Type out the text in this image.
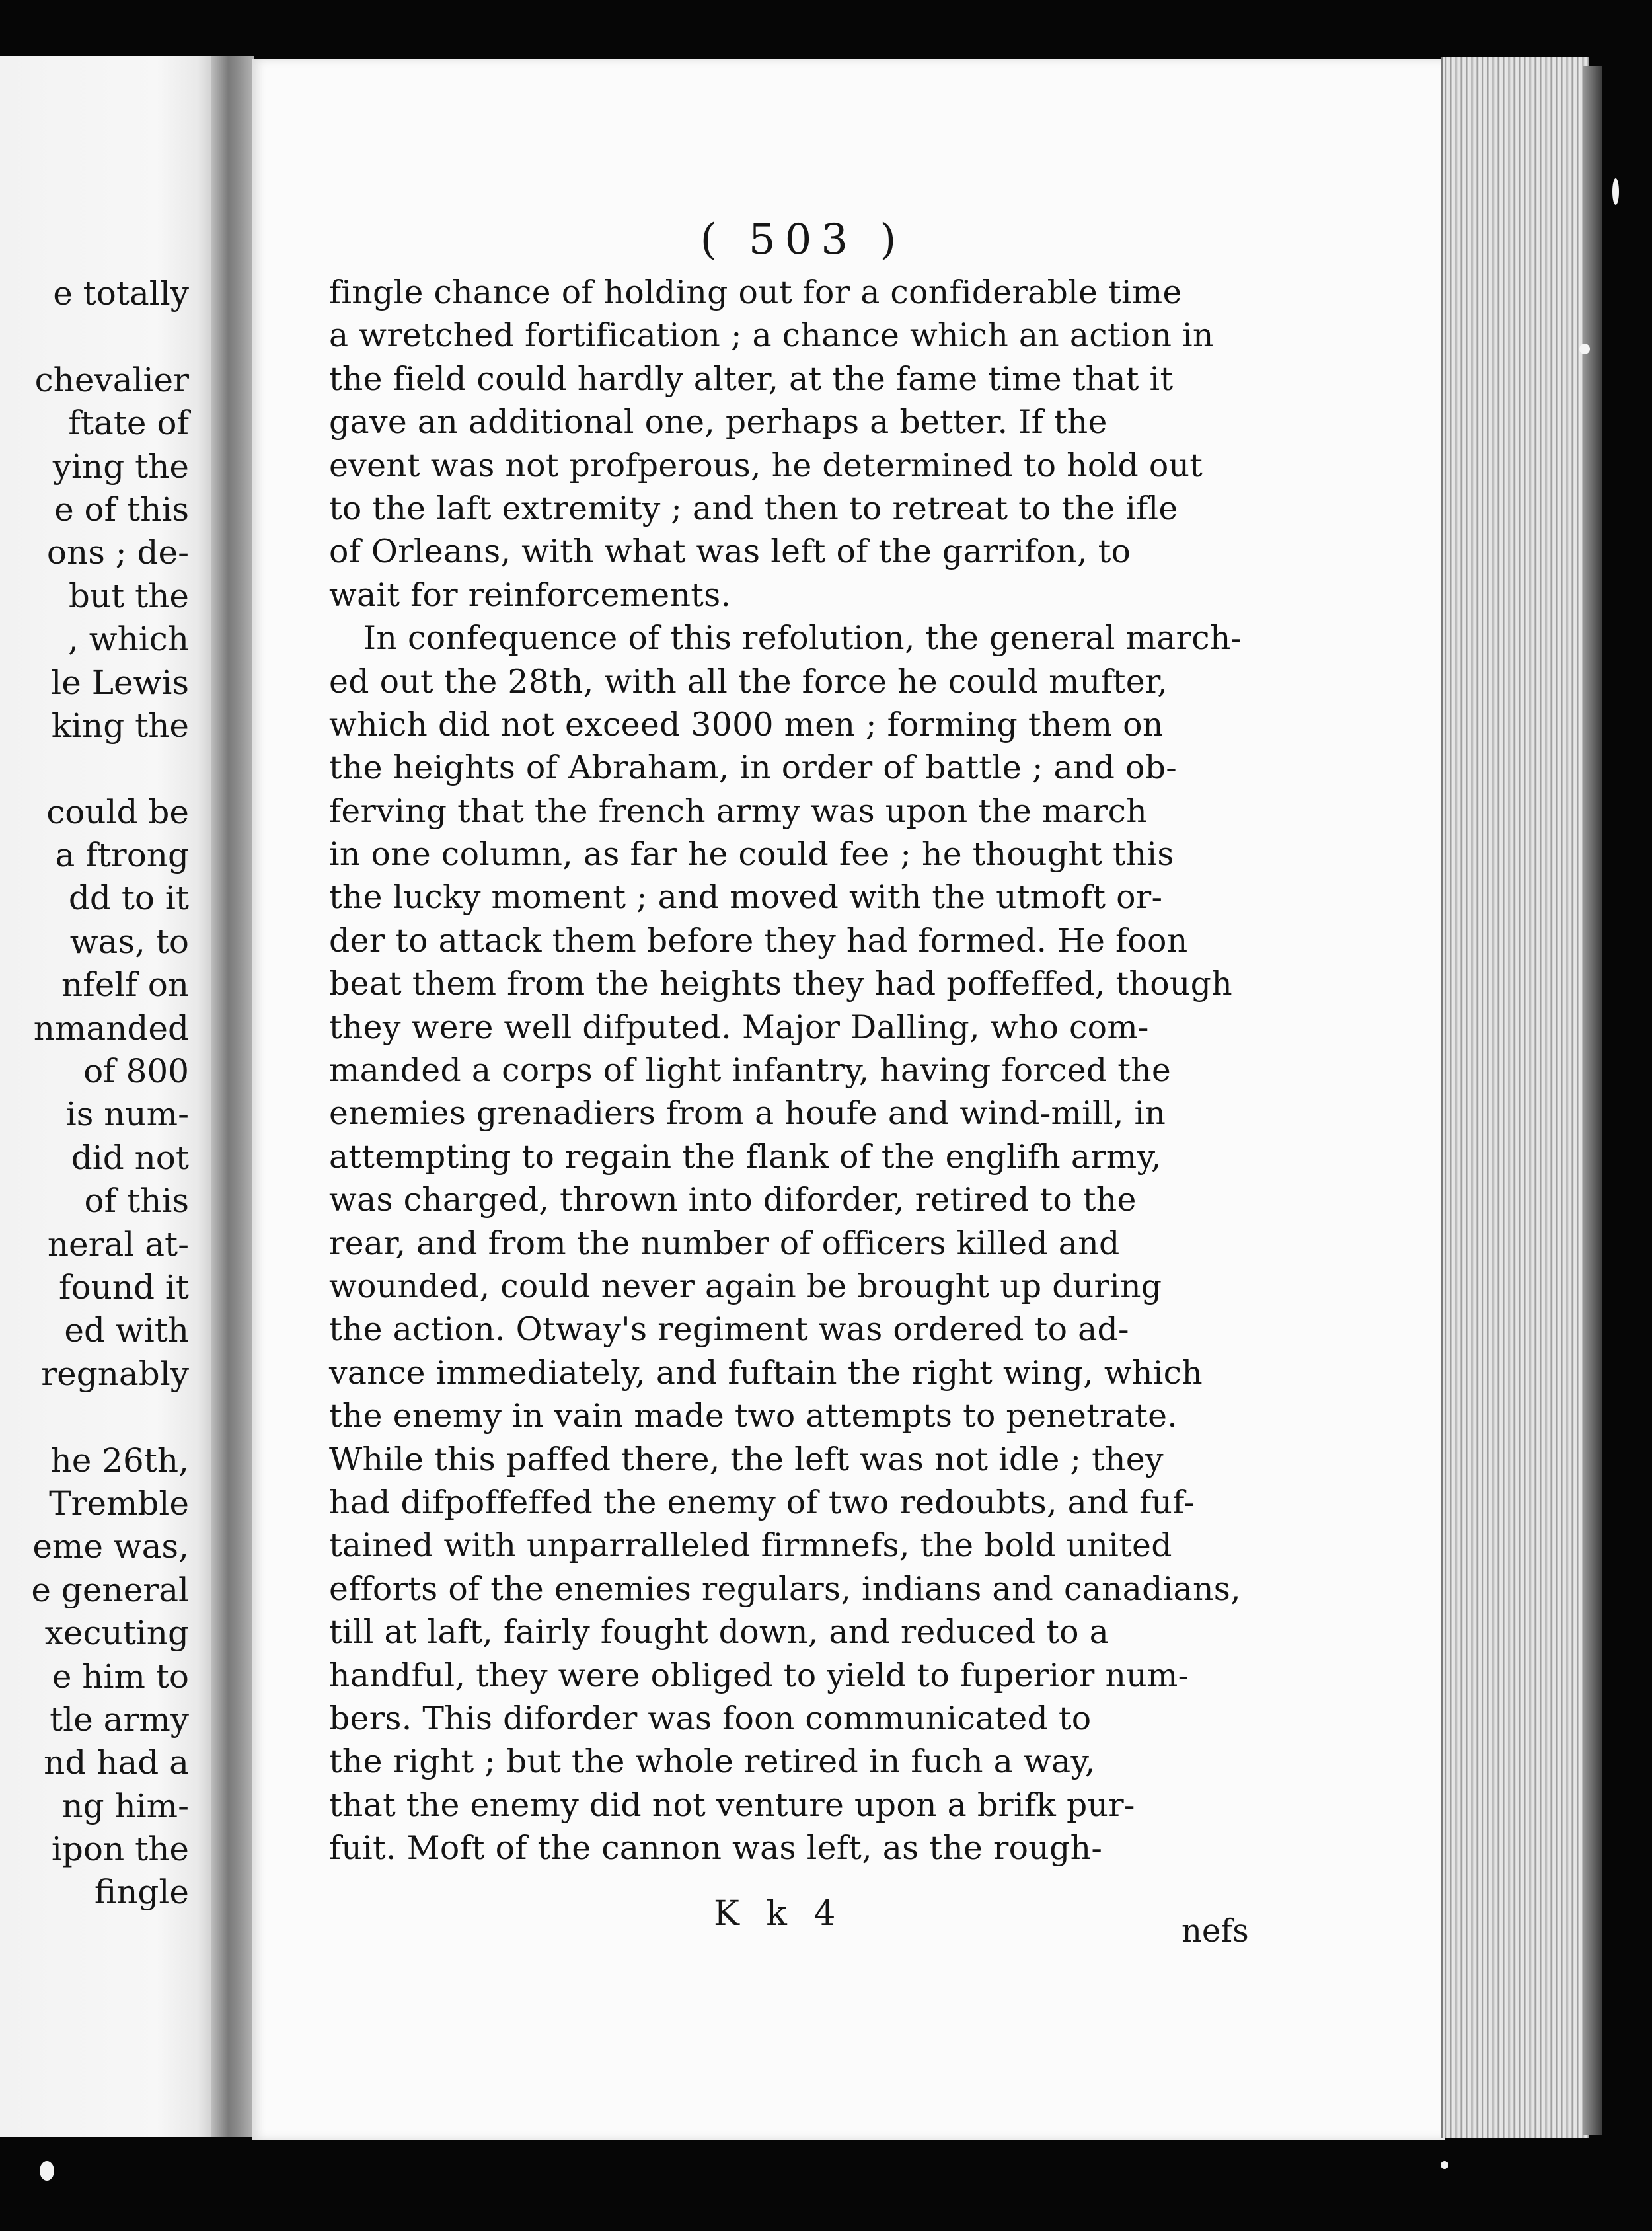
e totally
chevalier
ftate of
ying the
e of this
ons ; de-
but the
, which
le Lewis
king the
could be
a ftrong
dd to it
was, to
nfelf on
nmanded
of 800
is num-
did not
of this
neral at-
found it
ed with
regnably
he 26th,
Tremble
eme was,
e general
xecuting
e him to
tle army
nd had a
ng him-
ipon the
fingle
( 503 )
fingle chance of holding out for a confiderable time
a wretched fortification ; a chance which an action in
the field could hardly alter, at the fame time that it
gave an additional one, perhaps a better. If the
event was not profperous, he determined to hold out
to the laft extremity ; and then to retreat to the ifle
of Orleans, with what was left of the garrifon, to
wait for reinforcements.
In confequence of this refolution, the general march-
ed out the 28th, with all the force he could mufter,
which did not exceed 3000 men ; forming them on
the heights of Abraham, in order of battle ; and ob-
ferving that the french army was upon the march
in one column, as far he could fee ; he thought this
the lucky moment ; and moved with the utmoft or-
der to attack them before they had formed. He foon
beat them from the heights they had poffeffed, though
they were well difputed. Major Dalling, who com-
manded a corps of light infantry, having forced the
enemies grenadiers from a houfe and wind-mill, in
attempting to regain the flank of the englifh army,
was charged, thrown into diforder, retired to the
rear, and from the number of officers killed and
wounded, could never again be brought up during
the action. Otway's regiment was ordered to ad-
vance immediately, and fuftain the right wing, which
the enemy in vain made two attempts to penetrate.
While this paffed there, the left was not idle ; they
had difpoffeffed the enemy of two redoubts, and fuf-
tained with unparralleled firmnefs, the bold united
efforts of the enemies regulars, indians and canadians,
till at laft, fairly fought down, and reduced to a
handful, they were obliged to yield to fuperior num-
bers. This diforder was foon communicated to
the right ; but the whole retired in fuch a way,
that the enemy did not venture upon a brifk pur-
fuit. Moft of the cannon was left, as the rough-
K k 4	nefs
